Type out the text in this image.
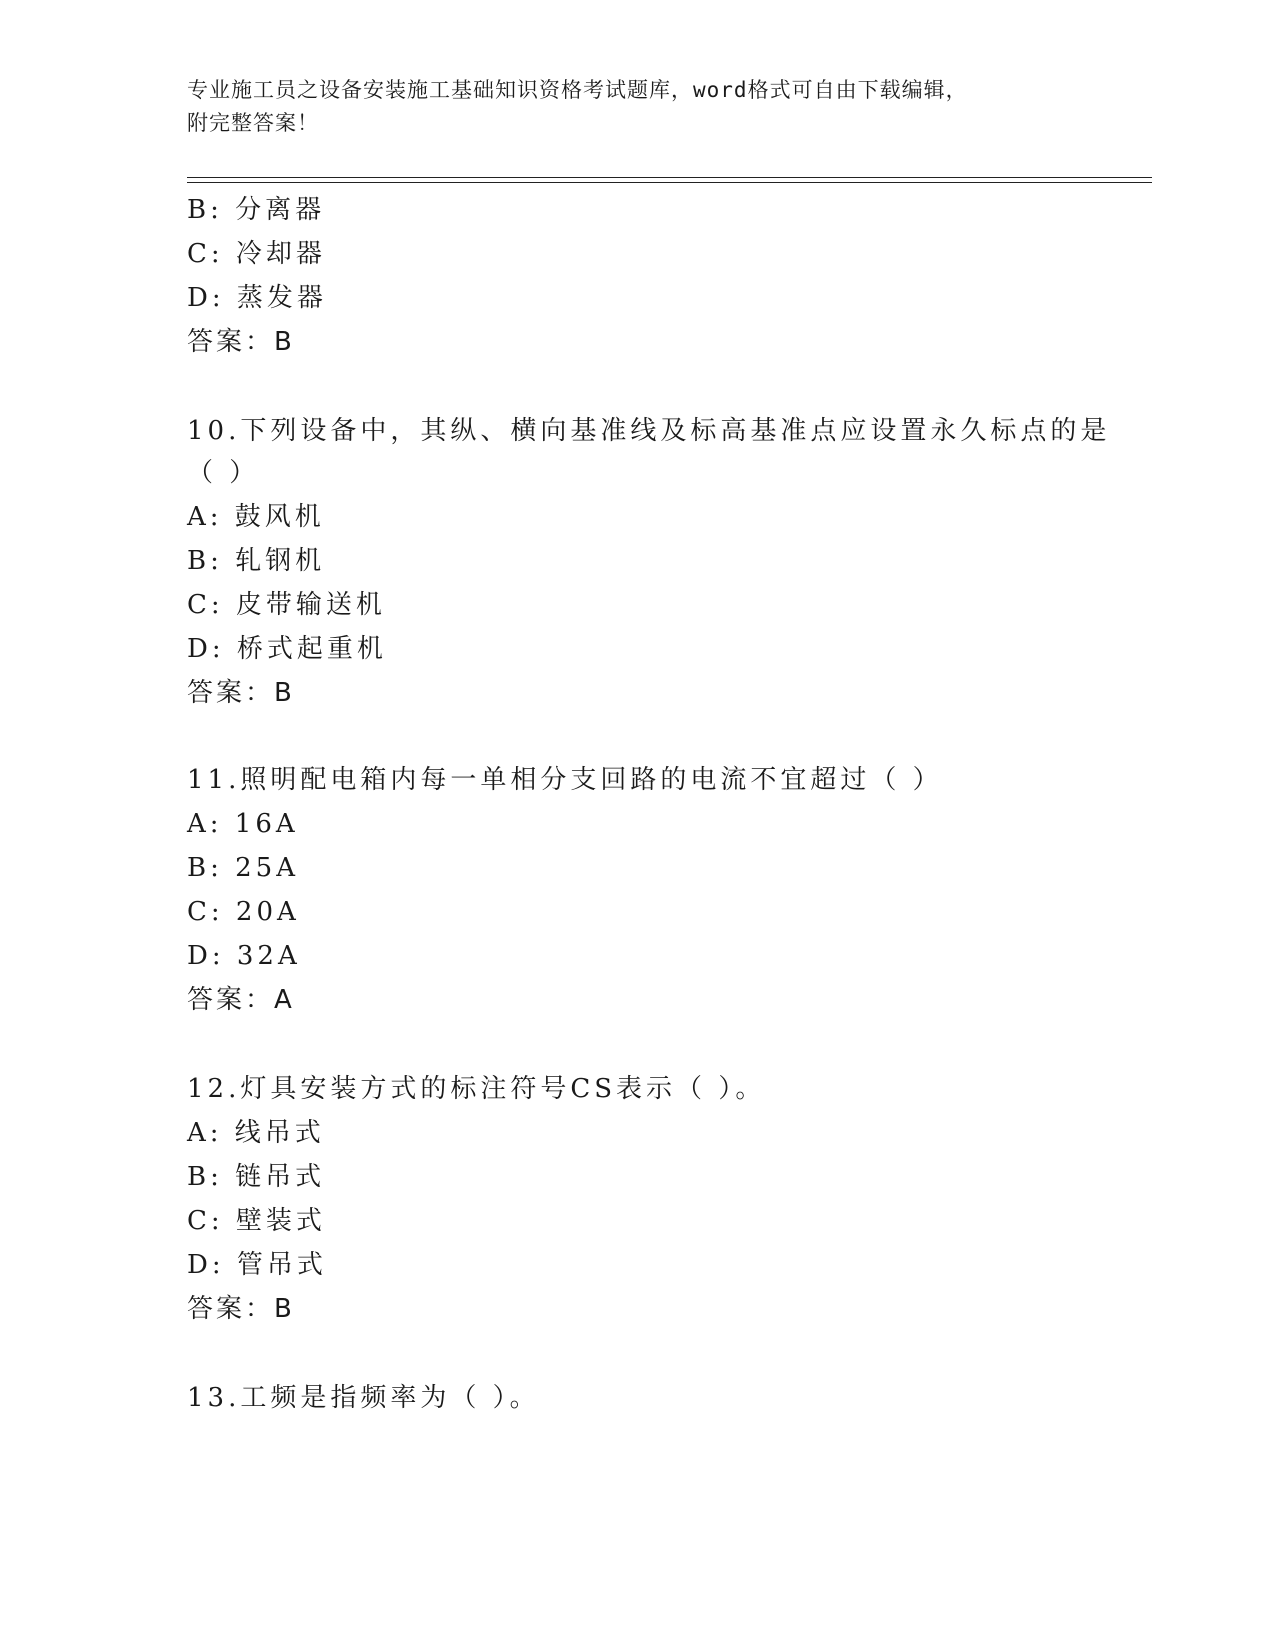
专业施工员之设备安装施工基础知识资格考试题库，word格式可自由下载编辑，
附完整答案！
B: 分离器
C: 冷却器
D: 蒸发器
答案：B
10.下列设备中，其纵、横向基准线及标高基准点应设置永久标点的是
（ ）
A: 鼓风机
B: 轧钢机
C: 皮带输送机
D: 桥式起重机
答案：B
11.照明配电箱内每一单相分支回路的电流不宜超过（ ）
A: 16A
B: 25A
C: 20A
D: 32A
答案：A
12.灯具安装方式的标注符号CS表示（ ）。
A: 线吊式
B: 链吊式
C: 壁装式
D: 管吊式
答案：B
13.工频是指频率为（ ）。
